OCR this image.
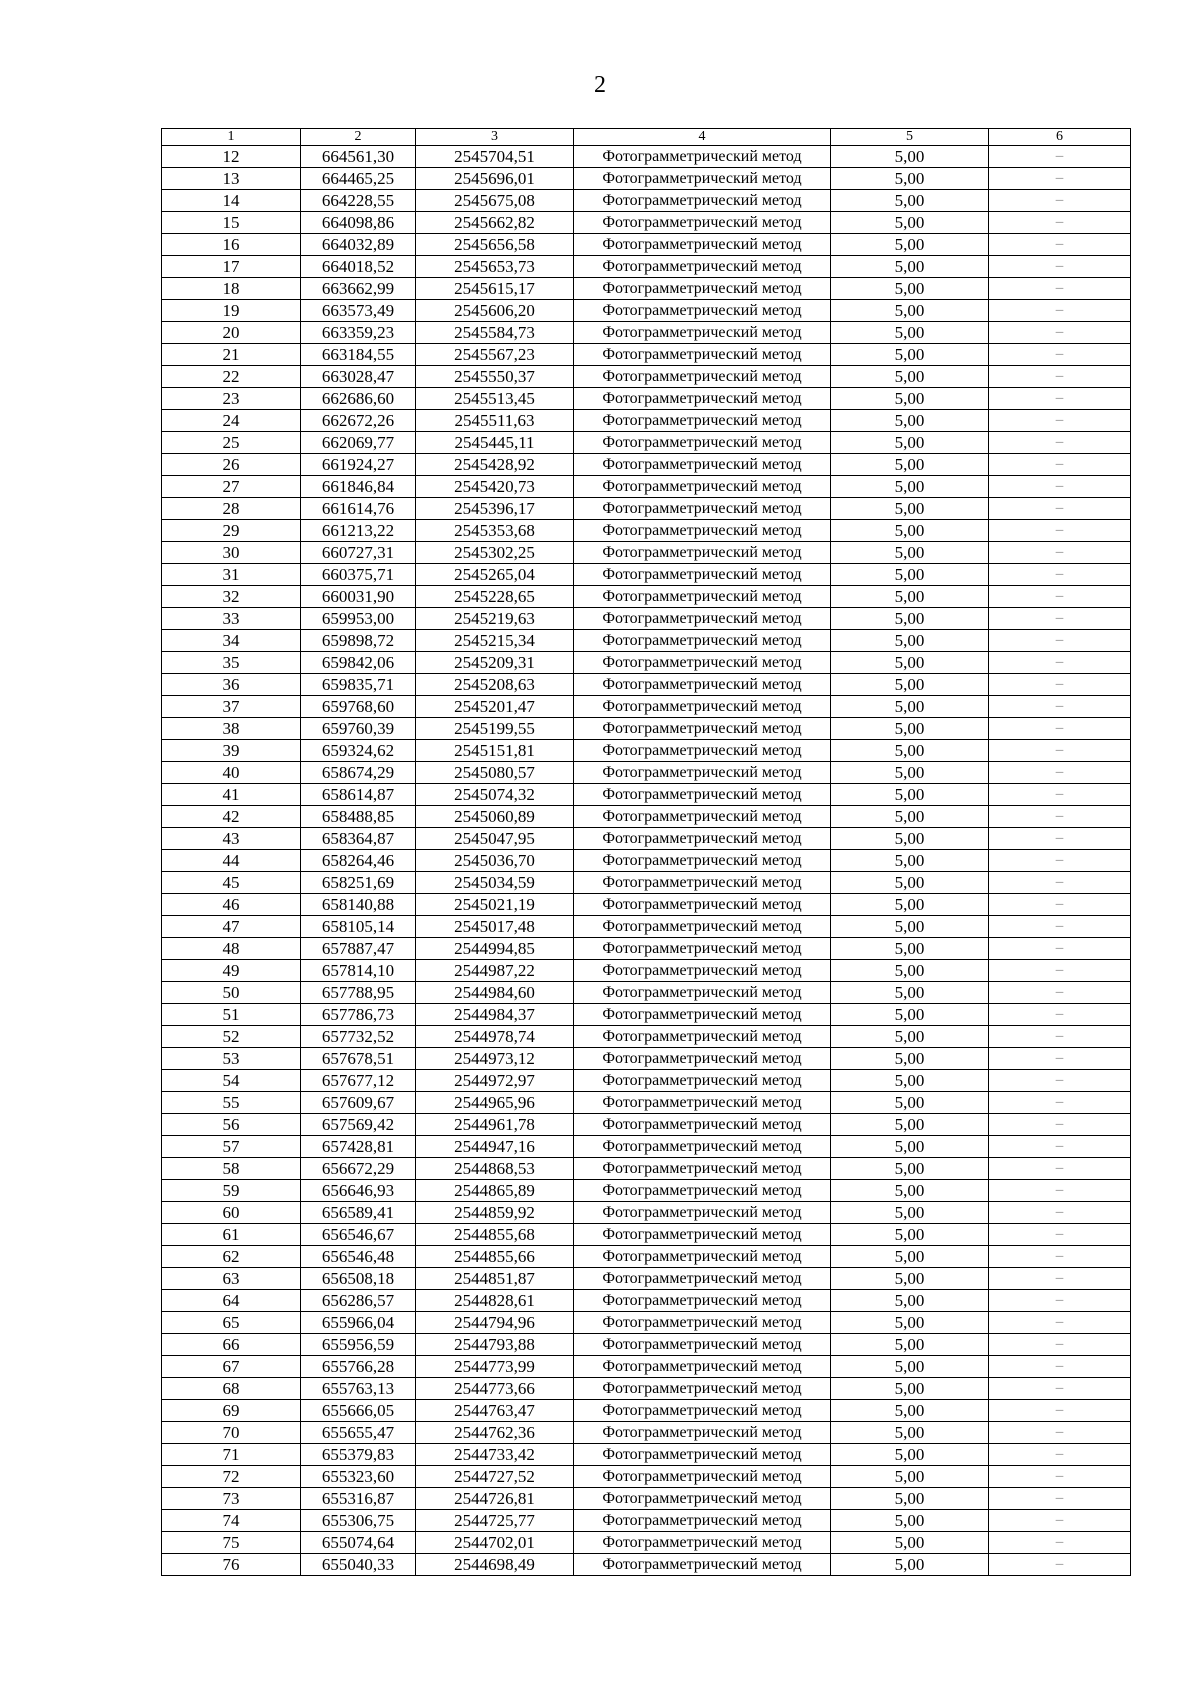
2
1	2	3	4	5	6
12	664561,30	2545704,51	Фотограмметрический метод	5,00	–
13	664465,25	2545696,01	Фотограмметрический метод	5,00	–
14	664228,55	2545675,08	Фотограмметрический метод	5,00	–
15	664098,86	2545662,82	Фотограмметрический метод	5,00	–
16	664032,89	2545656,58	Фотограмметрический метод	5,00	–
17	664018,52	2545653,73	Фотограмметрический метод	5,00	–
18	663662,99	2545615,17	Фотограмметрический метод	5,00	–
19	663573,49	2545606,20	Фотограмметрический метод	5,00	–
20	663359,23	2545584,73	Фотограмметрический метод	5,00	–
21	663184,55	2545567,23	Фотограмметрический метод	5,00	–
22	663028,47	2545550,37	Фотограмметрический метод	5,00	–
23	662686,60	2545513,45	Фотограмметрический метод	5,00	–
24	662672,26	2545511,63	Фотограмметрический метод	5,00	–
25	662069,77	2545445,11	Фотограмметрический метод	5,00	–
26	661924,27	2545428,92	Фотограмметрический метод	5,00	–
27	661846,84	2545420,73	Фотограмметрический метод	5,00	–
28	661614,76	2545396,17	Фотограмметрический метод	5,00	–
29	661213,22	2545353,68	Фотограмметрический метод	5,00	–
30	660727,31	2545302,25	Фотограмметрический метод	5,00	–
31	660375,71	2545265,04	Фотограмметрический метод	5,00	–
32	660031,90	2545228,65	Фотограмметрический метод	5,00	–
33	659953,00	2545219,63	Фотограмметрический метод	5,00	–
34	659898,72	2545215,34	Фотограмметрический метод	5,00	–
35	659842,06	2545209,31	Фотограмметрический метод	5,00	–
36	659835,71	2545208,63	Фотограмметрический метод	5,00	–
37	659768,60	2545201,47	Фотограмметрический метод	5,00	–
38	659760,39	2545199,55	Фотограмметрический метод	5,00	–
39	659324,62	2545151,81	Фотограмметрический метод	5,00	–
40	658674,29	2545080,57	Фотограмметрический метод	5,00	–
41	658614,87	2545074,32	Фотограмметрический метод	5,00	–
42	658488,85	2545060,89	Фотограмметрический метод	5,00	–
43	658364,87	2545047,95	Фотограмметрический метод	5,00	–
44	658264,46	2545036,70	Фотограмметрический метод	5,00	–
45	658251,69	2545034,59	Фотограмметрический метод	5,00	–
46	658140,88	2545021,19	Фотограмметрический метод	5,00	–
47	658105,14	2545017,48	Фотограмметрический метод	5,00	–
48	657887,47	2544994,85	Фотограмметрический метод	5,00	–
49	657814,10	2544987,22	Фотограмметрический метод	5,00	–
50	657788,95	2544984,60	Фотограмметрический метод	5,00	–
51	657786,73	2544984,37	Фотограмметрический метод	5,00	–
52	657732,52	2544978,74	Фотограмметрический метод	5,00	–
53	657678,51	2544973,12	Фотограмметрический метод	5,00	–
54	657677,12	2544972,97	Фотограмметрический метод	5,00	–
55	657609,67	2544965,96	Фотограмметрический метод	5,00	–
56	657569,42	2544961,78	Фотограмметрический метод	5,00	–
57	657428,81	2544947,16	Фотограмметрический метод	5,00	–
58	656672,29	2544868,53	Фотограмметрический метод	5,00	–
59	656646,93	2544865,89	Фотограмметрический метод	5,00	–
60	656589,41	2544859,92	Фотограмметрический метод	5,00	–
61	656546,67	2544855,68	Фотограмметрический метод	5,00	–
62	656546,48	2544855,66	Фотограмметрический метод	5,00	–
63	656508,18	2544851,87	Фотограмметрический метод	5,00	–
64	656286,57	2544828,61	Фотограмметрический метод	5,00	–
65	655966,04	2544794,96	Фотограмметрический метод	5,00	–
66	655956,59	2544793,88	Фотограмметрический метод	5,00	–
67	655766,28	2544773,99	Фотограмметрический метод	5,00	–
68	655763,13	2544773,66	Фотограмметрический метод	5,00	–
69	655666,05	2544763,47	Фотограмметрический метод	5,00	–
70	655655,47	2544762,36	Фотограмметрический метод	5,00	–
71	655379,83	2544733,42	Фотограмметрический метод	5,00	–
72	655323,60	2544727,52	Фотограмметрический метод	5,00	–
73	655316,87	2544726,81	Фотограмметрический метод	5,00	–
74	655306,75	2544725,77	Фотограмметрический метод	5,00	–
75	655074,64	2544702,01	Фотограмметрический метод	5,00	–
76	655040,33	2544698,49	Фотограмметрический метод	5,00	–
